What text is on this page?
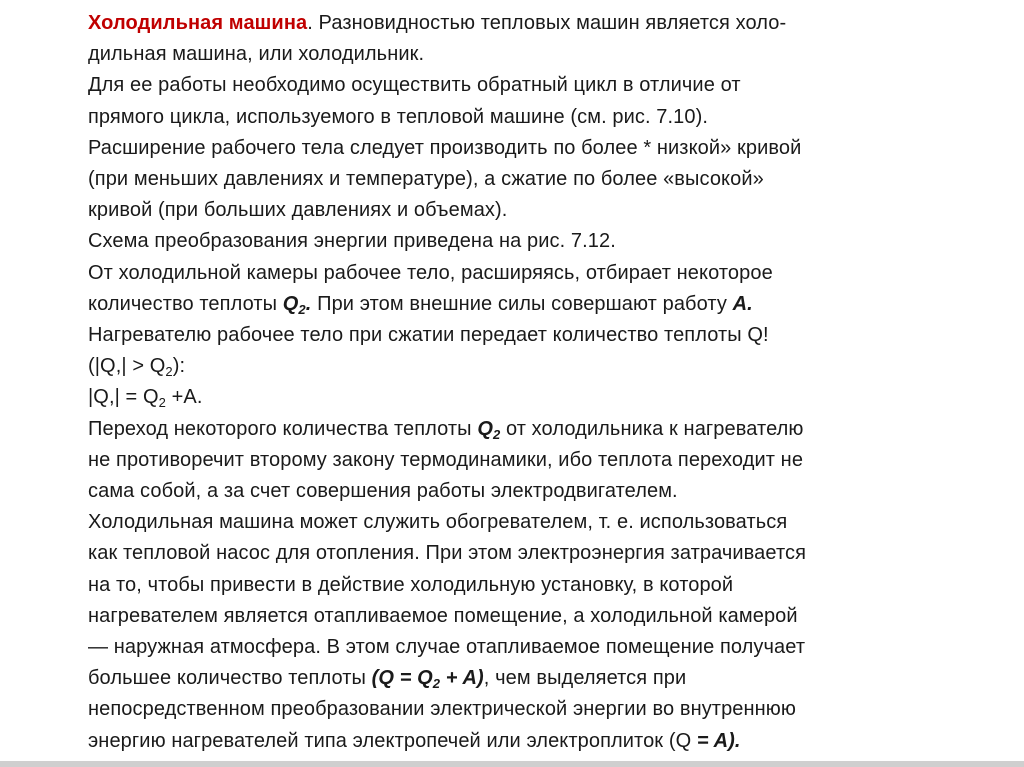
Холодильная машина. Разновидностью тепловых машин является холо-
дильная машина, или холодильник.
Для ее работы необходимо осуществить обратный цикл в отличие от
прямого цикла, используемого в тепловой машине (см. рис. 7.10).
Расширение рабочего тела следует производить по более * низкой» кривой
(при меньших давлениях и температуре), а сжатие по более «высокой»
кривой (при больших давлениях и объемах).
Схема преобразования энергии приведена на рис. 7.12.
От холодильной камеры рабочее тело, расширяясь, отбирает некоторое
количество теплоты $Q_2$. При этом внешние силы совершают работу A.
Нагревателю рабочее тело при сжатии передает количество теплоты Q!
$(|Q,| > Q_2)$:
$|Q,| = Q_2 +A$.
Переход некоторого количества теплоты $Q_2$ от холодильника к нагревателю
не противоречит второму закону термодинамики, ибо теплота переходит не
сама собой, а за счет совершения работы электродвигателем.
Холодильная машина может служить обогревателем, т. е. использоваться
как тепловой насос для отопления. При этом электроэнергия затрачивается
на то, чтобы привести в действие холодильную установку, в которой
нагревателем является отапливаемое помещение, а холодильной камерой
— наружная атмосфера. В этом случае отапливаемое помещение получает
большее количество теплоты $(Q = Q_2 + A)$, чем выделяется при
непосредственном преобразовании электрической энергии во внутреннюю
энергию нагревателей типа электропечей или электроплиток (Q = A).
